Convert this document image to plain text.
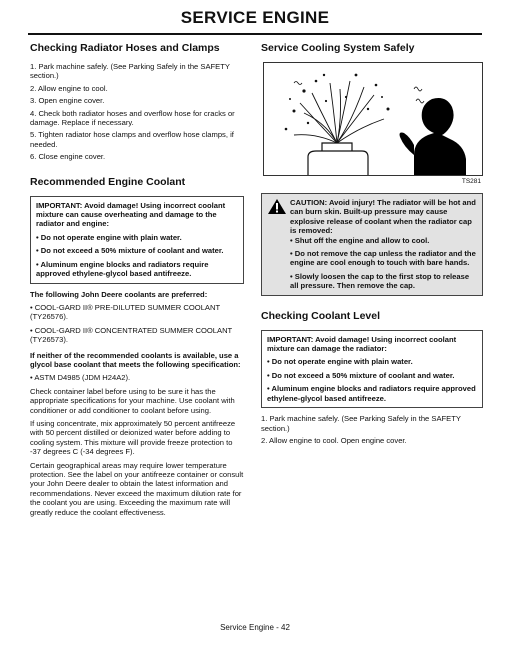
SERVICE ENGINE
Checking Radiator Hoses and Clamps

1. Park machine safely. (See Parking Safely in the SAFETY section.)

2. Allow engine to cool.

3. Open engine cover.

4. Check both radiator hoses and overflow hose for cracks or damage. Replace if necessary.

5. Tighten radiator hose clamps and overflow hose clamps, if needed.

6. Close engine cover.

Recommended Engine Coolant

IMPORTANT: Avoid damage! Using incorrect coolant mixture can cause overheating and damage to the radiator and engine:

• Do not operate engine with plain water.

• Do not exceed a 50% mixture of coolant and water.

• Aluminum engine blocks and radiators require approved ethylene-glycol based antifreeze.

The following John Deere coolants are preferred:

• COOL-GARD II® PRE-DILUTED SUMMER COOLANT (TY26576).

• COOL-GARD II® CONCENTRATED SUMMER COOLANT (TY26573).

If neither of the recommended coolants is available, use a glycol base coolant that meets the following specification:

• ASTM D4985 (JDM H24A2).

Check container label before using to be sure it has the appropriate specifications for your machine. Use coolant with conditioner or add conditioner to coolant before using.

If using concentrate, mix approximately 50 percent antifreeze with 50 percent distilled or deionized water before adding to cooling system. This mixture will provide freeze protection to -37 degrees C (-34 degrees F).

Certain geographical areas may require lower temperature protection. See the label on your antifreeze container or consult your John Deere dealer to obtain the latest information and recommendations. Never exceed the maximum dilution rate for the coolant you are using. Exceeding the maximum rate will greatly reduce the coolant effectiveness.

Service Cooling System Safely
TS281

CAUTION: Avoid injury! The radiator will be hot and can burn skin. Built-up pressure may cause explosive release of coolant when the radiator cap is removed:

• Shut off the engine and allow to cool.

• Do not remove the cap unless the radiator and the engine are cool enough to touch with bare hands.

• Slowly loosen the cap to the first stop to release all pressure. Then remove the cap.

Checking Coolant Level

IMPORTANT: Avoid damage! Using incorrect coolant mixture can damage the radiator:

• Do not operate engine with plain water.

• Do not exceed a 50% mixture of coolant and water.

• Aluminum engine blocks and radiators require approved ethylene-glycol based antifreeze.

1. Park machine safely. (See Parking Safely in the SAFETY section.)

2. Allow engine to cool. Open engine cover.

Service Engine - 42
